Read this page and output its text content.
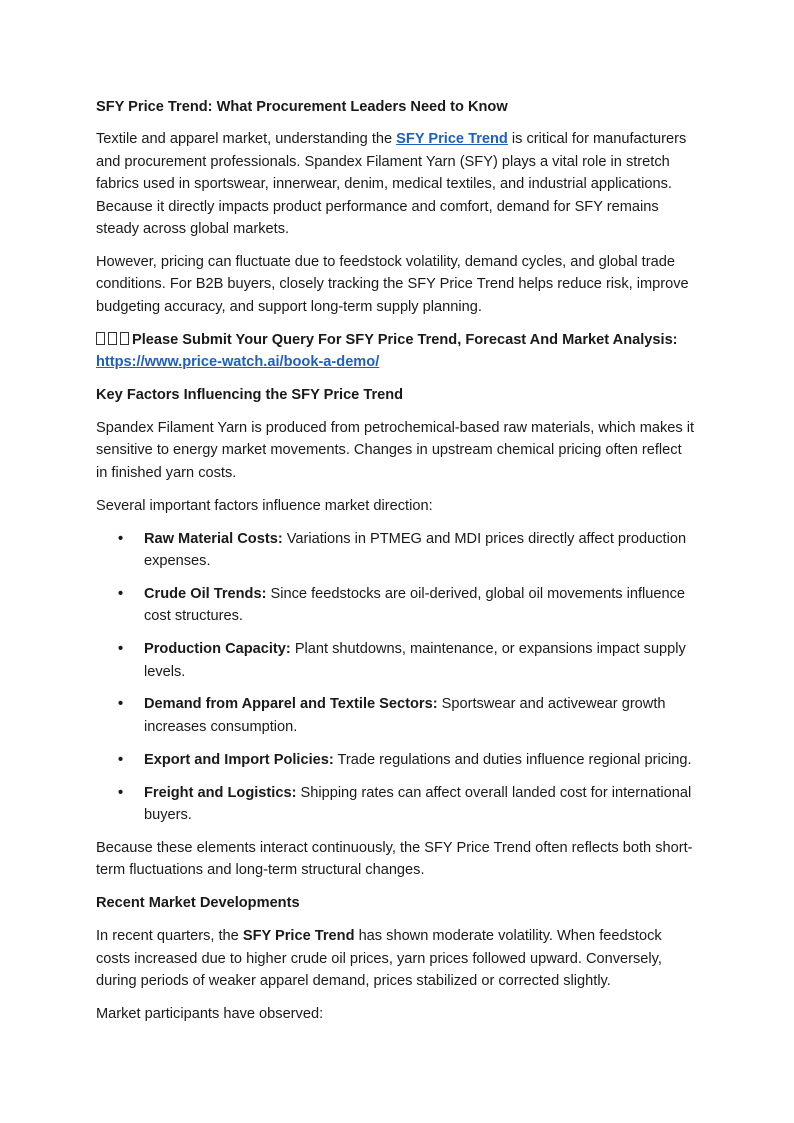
SFY Price Trend: What Procurement Leaders Need to Know

Textile and apparel market, understanding the SFY Price Trend is critical for manufacturers and procurement professionals. Spandex Filament Yarn (SFY) plays a vital role in stretch fabrics used in sportswear, innerwear, denim, medical textiles, and industrial applications. Because it directly impacts product performance and comfort, demand for SFY remains steady across global markets.

However, pricing can fluctuate due to feedstock volatility, demand cycles, and global trade conditions. For B2B buyers, closely tracking the SFY Price Trend helps reduce risk, improve budgeting accuracy, and support long-term supply planning.

Please Submit Your Query For SFY Price Trend, Forecast And Market Analysis:
https://www.price-watch.ai/book-a-demo/

Key Factors Influencing the SFY Price Trend

Spandex Filament Yarn is produced from petrochemical-based raw materials, which makes it sensitive to energy market movements. Changes in upstream chemical pricing often reflect in finished yarn costs.

Several important factors influence market direction:

• Raw Material Costs: Variations in PTMEG and MDI prices directly affect production expenses.
• Crude Oil Trends: Since feedstocks are oil-derived, global oil movements influence cost structures.
• Production Capacity: Plant shutdowns, maintenance, or expansions impact supply levels.
• Demand from Apparel and Textile Sectors: Sportswear and activewear growth increases consumption.
• Export and Import Policies: Trade regulations and duties influence regional pricing.
• Freight and Logistics: Shipping rates can affect overall landed cost for international buyers.

Because these elements interact continuously, the SFY Price Trend often reflects both short-term fluctuations and long-term structural changes.

Recent Market Developments

In recent quarters, the SFY Price Trend has shown moderate volatility. When feedstock costs increased due to higher crude oil prices, yarn prices followed upward. Conversely, during periods of weaker apparel demand, prices stabilized or corrected slightly.

Market participants have observed:
